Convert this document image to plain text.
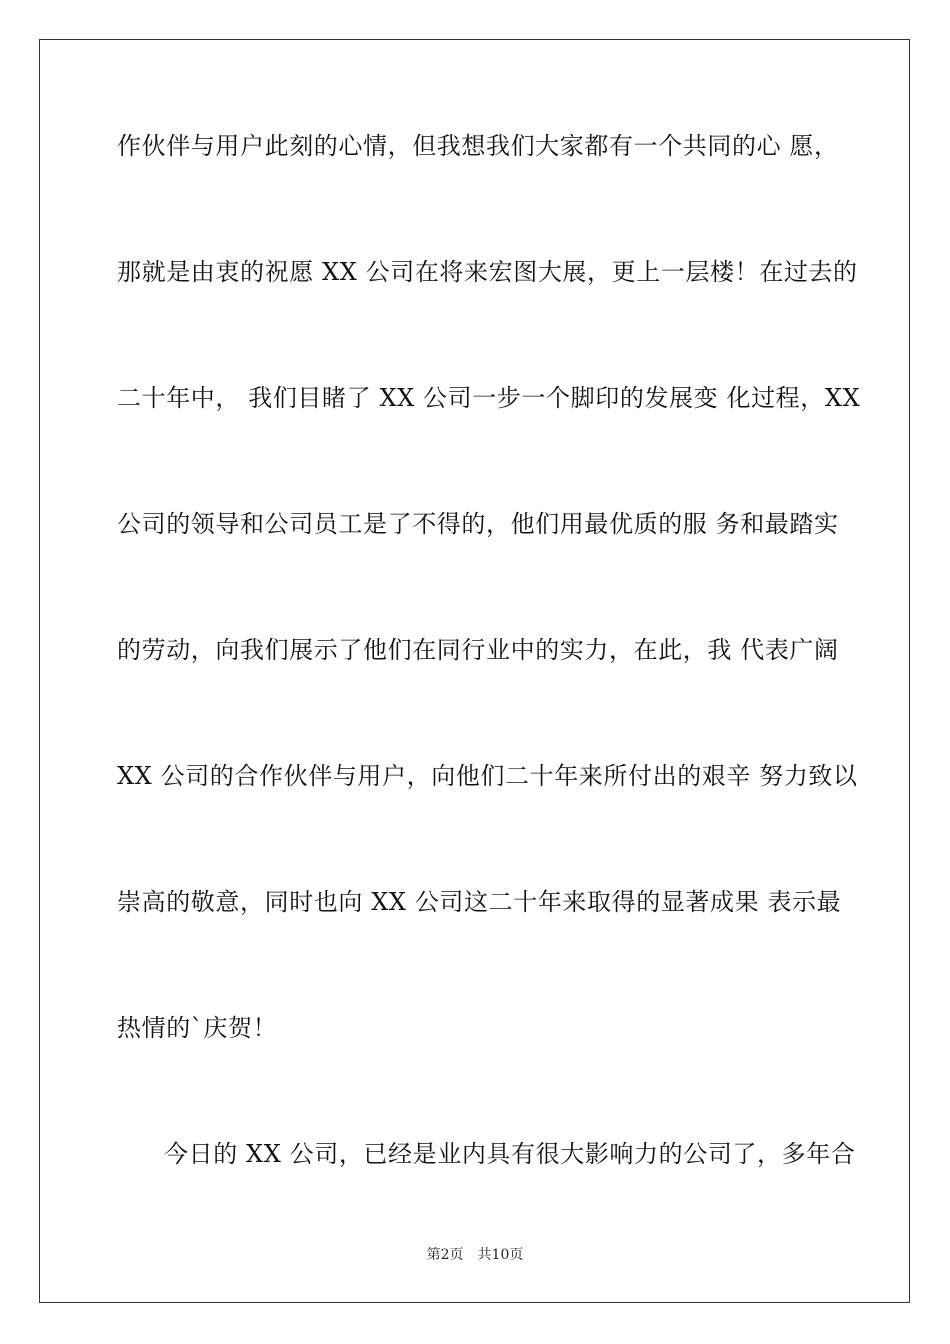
作伙伴与用户此刻的心情，但我想我们大家都有一个共同的心 愿，
那就是由衷的祝愿 XX 公司在将来宏图大展，更上一层楼！在过去的
二十年中， 我们目睹了 XX 公司一步一个脚印的发展变 化过程，XX
公司的领导和公司员工是了不得的，他们用最优质的服 务和最踏实
的劳动，向我们展示了他们在同行业中的实力，在此，我 代表广阔
XX 公司的合作伙伴与用户，向他们二十年来所付出的艰辛 努力致以
崇高的敬意，同时也向 XX 公司这二十年来取得的显著成果 表示最
热情的`庆贺！
今日的 XX 公司，已经是业内具有很大影响力的公司了，多年合
第2页 共10页
